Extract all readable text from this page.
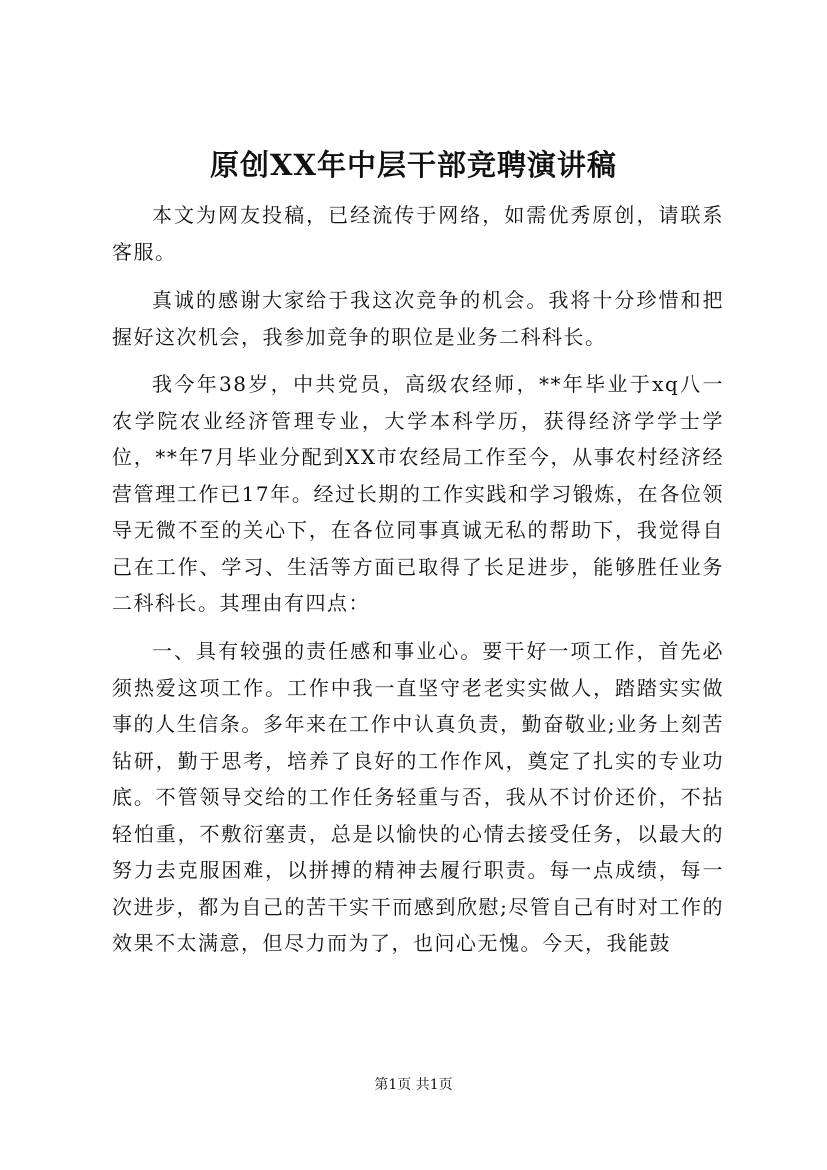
原创XX年中层干部竞聘演讲稿

本文为网友投稿，已经流传于网络，如需优秀原创，请联系客服。

真诚的感谢大家给于我这次竞争的机会。我将十分珍惜和把握好这次机会，我参加竞争的职位是业务二科科长。

我今年38岁，中共党员，高级农经师，**年毕业于xq八一农学院农业经济管理专业，大学本科学历，获得经济学学士学位，**年7月毕业分配到XX市农经局工作至今，从事农村经济经营管理工作已17年。经过长期的工作实践和学习锻炼，在各位领导无微不至的关心下，在各位同事真诚无私的帮助下，我觉得自己在工作、学习、生活等方面已取得了长足进步，能够胜任业务二科科长。其理由有四点：

一、具有较强的责任感和事业心。要干好一项工作，首先必须热爱这项工作。工作中我一直坚守老老实实做人，踏踏实实做事的人生信条。多年来在工作中认真负责，勤奋敬业;业务上刻苦钻研，勤于思考，培养了良好的工作作风，奠定了扎实的专业功底。不管领导交给的工作任务轻重与否，我从不讨价还价，不拈轻怕重，不敷衍塞责，总是以愉快的心情去接受任务，以最大的努力去克服困难，以拼搏的精神去履行职责。每一点成绩，每一次进步，都为自己的苦干实干而感到欣慰;尽管自己有时对工作的效果不太满意，但尽力而为了，也问心无愧。今天，我能鼓

第1页 共1页
